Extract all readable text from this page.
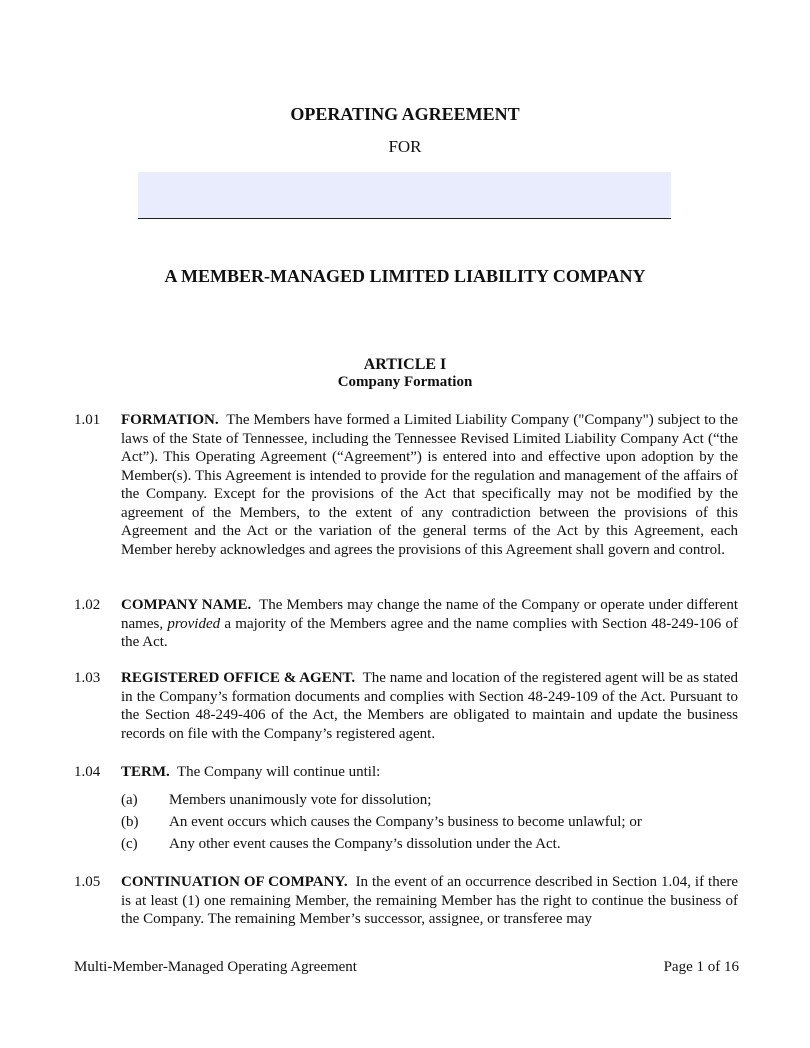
OPERATING AGREEMENT
FOR
A MEMBER-MANAGED LIMITED LIABILITY COMPANY
ARTICLE I
Company Formation
1.01 FORMATION. The Members have formed a Limited Liability Company ("Company") subject to the laws of the State of Tennessee, including the Tennessee Revised Limited Liability Company Act (“the Act”). This Operating Agreement (“Agreement”) is entered into and effective upon adoption by the Member(s). This Agreement is intended to provide for the regulation and management of the affairs of the Company. Except for the provisions of the Act that specifically may not be modified by the agreement of the Members, to the extent of any contradiction between the provisions of this Agreement and the Act or the variation of the general terms of the Act by this Agreement, each Member hereby acknowledges and agrees the provisions of this Agreement shall govern and control.
1.02 COMPANY NAME. The Members may change the name of the Company or operate under different names, provided a majority of the Members agree and the name complies with Section 48-249-106 of the Act.
1.03 REGISTERED OFFICE & AGENT. The name and location of the registered agent will be as stated in the Company’s formation documents and complies with Section 48-249-109 of the Act. Pursuant to the Section 48-249-406 of the Act, the Members are obligated to maintain and update the business records on file with the Company’s registered agent.
1.04 TERM. The Company will continue until:
(a) Members unanimously vote for dissolution;
(b) An event occurs which causes the Company’s business to become unlawful; or
(c) Any other event causes the Company’s dissolution under the Act.
1.05 CONTINUATION OF COMPANY. In the event of an occurrence described in Section 1.04, if there is at least (1) one remaining Member, the remaining Member has the right to continue the business of the Company. The remaining Member’s successor, assignee, or transferee may
Multi-Member-Managed Operating Agreement	Page 1 of 16
